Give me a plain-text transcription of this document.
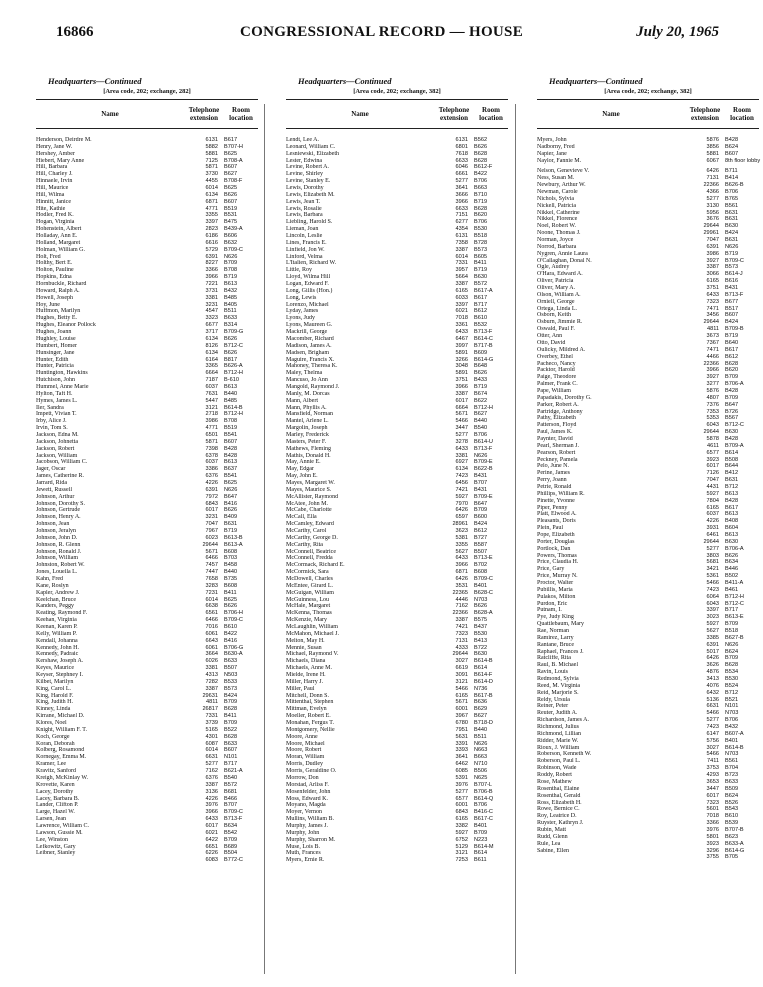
16866	CONGRESSIONAL RECORD — HOUSE	July 20, 1965
Headquarters—Continued
[Area code, 202; exchange, 282]
Name	Telephone extension
Room location
Henderson, Deirdre M.	6131	B617
Henry, Jane W.	5882	B707-H
Hershey, Amber	5881	B625
Hiebert, Mary Anne	7125	B708-A
Hill, Barbara	5871	B607
Hill, Charley J.	3730	B627
Hinnaele, Irvin	4455	B708-F
Hill, Maurice	6014	B625
Hill, Wilma	6134	B626
Hinnitt, Janice	6871	B607
Hite, Kathie	4771	B519
Hodler, Fred K.	3355	B531
Hogan, Virginia	3397	B475
Hohenstein, Albert	2823	B439-A
Holladay, Ann E.	6186	B606
Holland, Margaret	6616	B632
Holman, William G.	5729	B709-C
Holt, Fred	6391	N626
Holthy, Bert E.	8227	B709
Holton, Pauline	3366	B708
Hopkins, Edna	3966	B719
Hornbuckle, Richard	7221	B613
Howard, Ralph A.	3731	B432
Howell, Joseph	3381	B485
Hoy, June	3231	B405
Huffmon, Marilyn	4547	B511
Hughes, Betty E.	3323	B633
Hughes, Eleanor Pollock	6677	B314
Hughes, Joann	3717	B709-G
Hughley, Louise	6134	B626
Humbert, Homer	8126	B712-C
Hunsinger, Jane	6134	B626
Hunter, Edith	6164	B817
Hunter, Patricia	3365	B626-A
Huntington, Hawkins	6664	B712-H
Hutchison, John	7187	B-610
Hummel, Anne Marie	6037	B613
Hylton, Taft H.	7631	B440
Hymes, James L.	5447	B485
Iler, Sandra	3121	B614-B
Impett, Vivian T.	2718	B712-H
Irby, Alice J.	3986	B708
Irvin, Tom S.	4771	B519
Jackson, Edna M.	6501	B541
Jackson, Johnetta	5871	B607
Jackson, Robert	7398	B428
Jackson, William	6378	B428
Jacobson, William C.	6037	B613
Jager, Oscar	3386	B637
James, Catherine R.	6376	B541
Jarrard, Rida	4226	B625
Jewett, Russell	6391	N626
Johnson, Arthur	7972	B647
Johnson, Dorothy S.	6843	B416
Johnson, Gertrude	6017	B626
Johnson, Henry A.	3231	B409
Johnson, Jean	7047	B631
Johnson, Jeralyn	7967	B719
Johnson, John D.	6023	B613-B
Johnson, R. Glenn	29644	B613-A
Johnson, Ronald J.	5671	B608
Johnson, William	6466	B703
Johnston, Robert W.	7457	B458
Jones, Louella L.	7447	B440
Kahn, Fred	7658	B735
Kane, Roslyn	3283	B608
Kapler, Andrew J.	7231	B411
Keelchan, Bruce	6014	B625
Kanders, Peggy	6638	B626
Keating, Raymond F.	6561	B706-H
Keehan, Virginia	6466	B709-C
Keenan, Karen P.	7016	B610
Kelly, William P.	6061	B422
Kendall, Johanna	6643	B416
Kennedy, John H.	6061	B706-G
Kennedy, Padraic	3664	B630-A
Kershaw, Joseph A.	6026	B633
Keyes, Maurice	3381	B507
Keyser, Stephney I.	4313	N503
Kilbet, Marilyn	7282	B533
King, Carol L.	3387	B573
King, Harold F.	29631	B424
King, Judith H.	4811	B709
Kinney, Linda	26817	B628
Kirrane, Michael D.	7331	B411
Klores, Noel	3739	B709
Knight, William F. T.	5165	B522
Koch, George	4301	B628
Koran, Deborah	6087	B633
Kolberg, Rosamond	6014	B607
Kornegay, Emma M.	6631	N101
Kramer, Lee	5277	B717
Kravitz, Sanford	7162	B621-A
Kreigh, McKinlay W.	6376	B540
Krovette, Karen	3387	B572
Lacey, Dorothy	3136	B681
Lacey, Barbara B.	4226	B466
Lander, Clifton P.	3976	B707
Large, Hazel W.	3966	B709-C
Larsen, Jean	6433	B713-F
Lawrence, William C.	6017	B634
Lawson, Gussie M.	6021	B542
Lee, Winston	6422	B709
Lefkowitz, Gary	6651	B689
Leibner, Stanley	6226	B504
6083	B772-C
Headquarters—Continued
[Area code, 202; exchange, 382]
Name	Telephone extension
Room location
Lendt, Lee A.	6131	B562
Leonard, William C.	6801	B626
Lesniewski, Elizabeth	7618	B628
Lester, Edwina	6633	B628
Levine, Robert A.	6046	B612-F
Levine, Shirley	6661	B422
Levine, Stanley E.	5277	B706
Lewis, Dorothy	3641	B663
Lewis, Elizabeth M.	3666	B710
Lewis, Jean T.	3966	B719
Lewis, Rosalie	6633	B628
Lewis, Barbara	7151	B620
Liebling, Harold S.	6277	B706
Lieman, Joan	4354	B530
Lincoln, Leslie	6131	B518
Lines, Francis E.	7358	B728
Linfield, Jon W.	3387	B573
Linford, Velma	6014	B605
L'Italien, Richard W.	7331	B411
Little, Roy	3957	B719
Lloyd, Wilma Hill	5664	B630
Logan, Edward F.	3387	B572
Long, Gillis (Hon.)	6165	B617-A
Long, Lewis	6033	B617
Lorenzo, Michael	3397	B717
Lyday, James	6021	B612
Lyons, Judy	7018	B610
Lyons, Maureen G.	3361	B532
Mackrill, George	6433	B713-F
Macomber, Richard	6467	B614-C
Madison, James A.	3997	B717-B
Madsen, Brigham	5891	B609
Maguire, Francis X.	3266	B614-G
Mahoney, Theresa K.	3048	B648
Maley, Thelma	5891	B626
Mancuso, Jo Ann	3751	B433
Mangold, Raymond J.	3966	B719
Manly, M. Dorcas	3387	B674
Mann, Albert	6017	B622
Mann, Phyllis A.	6664	B712-H
Mansfield, Norman	5671	B627
Mantel, Arlene L.	5466	B440
Margolin, Joseph	3447	B540
Marley, Frederick	5277	B706
Masters, Peter F.	3278	B614-U
Mathews, Fleming	6433	B713-F
Mathis, Donald H.	3381	N626
May, Annie E.	6927	B709-E
May, Edgar	6134	B622-B
May, John E.	7423	B431
Mayes, Margaret W.	6456	B707
Mayes, Maurice S.	7421	B431
McAllister, Raymond	5927	B709-E
McAtee, John M.	7970	B647
McCabe, Charlotte	6426	B709
McCall, Ella	6597	B600
McCamley, Edward	28961	B424
McCarthy, Carol	3623	B612
McCarthy, George D.	5381	B727
McCarthy, Rita	3355	B587
McConnell, Beatrice	5627	B507
McConnell, Fredda	6433	B713-E
McCormack, Richard E.	3966	B702
McCormick, Sara	6871	B608
McDowell, Charles	6426	B709-C
McEntee, Girard L.	3531	B401
McGuigan, William	22365	B628-C
McGuinness, Lou	4446	N703
McHale, Margaret	7162	B626
McKenna, Thomas	22366	B628-A
McKenzie, Mary	3387	B575
McLaughlin, William	7421	B437
McMahon, Michael J.	7323	B530
Melton, May H.	7131	B413
Mennie, Susan	4333	B722
Michael, Raymond V.	29644	B630
Michaels, Diana	3027	B614-B
Michaels, Anne M.	6619	B614
Mielde, Irene H.	3091	B614-F
Miller, Harry J.	3121	B614-D
Miller, Paul	5466	N736
Mitchell, Donn S.	6165	B617-B
Mittenthal, Stephen	5671	B636
Mittman, Evelyn	6001	B629
Moeller, Robert E.	3967	B627
Monahan, Fergus T.	6780	B718-D
Montgomery, Nellie	7951	B440
Moore, Anne	5631	B511
Moore, Michael	3391	N626
Moore, Robert	3393	N663
Moran, William	3641	B663
Morris, Dudley	6462	N710
Morris, Geraldine O.	6085	B506
Morrow, Don	5391	N625
Morstad, Arliss F.	3976	B707-L
Mosenfelder, John	5277	B706-B
Moss, Edward K.	6577	B614-Q
Moyano, Magda	6001	B706
Moyer, Vernon	6843	B416-C
Mullins, William B.	6165	B617-C
Murphy, James J.	3382	B401
Murphy, John	5927	B709
Murphy, Sharron M.	6752	N223
Muse, Lois B.	5129	B614-M
Muth, Frances	3121	B614
Myers, Ernie R.	7253	B611
Headquarters—Continued
[Area code, 202; exchange, 382]
Name	Telephone extension
Room location
Myers, John	5876	B428
Nadborny, Fred	3856	B624
Napier, Jane	5881	B607
Naylor, Fannie M.	6067	8th floor lobby
Nelson, Genevieve V.	6426	B711
Ness, Susan M.	7131	B414
Newbury, Arthur W.	22366	B626-B
Newman, Carole	4366	B706
Nichols, Sylvia	5277	B765
Nickell, Patricia	3130	B561
Nikkel, Catherine	5956	B631
Nikkel, Florence	3676	B631
Noel, Robert W.	29644	B630
Noone, Thomas J.	29961	B424
Norman, Joyce	7047	B631
Norrod, Barbara	6391	N626
Nygren, Annie Laura	3986	B719
O'Callaghan, Donal N.	3927	B709-C
Ogle, Audrey	3387	B573
O'Hara, Edward A.	3066	B614-J
Oliver, Patricia	6165	B616
Oliver, Mary A.	3751	B431
Olson, William A.	6433	B713-F
Orniell, George	7323	B677
Ortega, Linda L.	7471	B517
Osborn, Keith	3456	B607
Osburn, Jimmie R.	29644	B424
Oswald, Paul F.	4811	B709-B
Otter, Ann	3673	B719
Otto, David	7367	B640
Oulicky, Mildred A.	7471	B617
Overbey, Ethel	4466	B612
Pacheco, Nancy	22366	B628
Packtor, Harold	3966	B620
Paige, Theodore	3927	B709
Palmer, Frank C.	3277	B706-A
Pape, William	5876	B428
Papadakis, Dorothy G.	4807	B709
Parker, Robert A.	7376	B647
Partridge, Anthony	7353	B726
Pathy, Elizabeth	5353	B567
Patterson, Floyd	6043	B712-C
Paul, James K.	29644	B630
Paynter, David	5878	B428
Pearl, Sherman J.	4611	B709-A
Pearson, Robert	6577	B614
Peckney, Pamela	3923	B508
Pelo, June N.	6017	B644
Perine, James	7126	B412
Perry, Joann	7047	B631
Petrie, Ronald	4431	B712
Phillips, William R.	5927	B613
Pinette, Yvonne	7804	B428
Piper, Penny	6165	B617
Platt, Elwood A.	6037	B613
Pleasants, Doris	4226	B408
Plein, Paul	3931	B604
Pope, Elizabeth	6461	B613
Porter, Douglas	29644	B630
Portlock, Dan	5277	B706-A
Powers, Thomas	3803	B626
Price, Claudia H.	5681	B634
Price, Gary	3421	B446
Price, Murray N.	5361	B502
Proctor, Walter	5466	B411-A
Pubillis, Maria	7423	B461
Pulakos, Milton	6064	B712-H
Purdon, Eric	6043	B712-C
Putnam, I.	3397	B717
Pye, Judy King	3023	B613-E
Quattlebaum, Mary	5927	B709
Rae, Norman	5627	B518
Ramirez, Larry	3385	B627-B
Rantane, Bruce	6391	N626
Raphael, Frances J.	5017	B624
Ratcliffe, Rita	6426	B709
Raul, B. Michael	3626	B628
Ravin, Louis	4876	B534
Redmond, Sylvia	3413	B530
Reed, M. Virginia	4076	B524
Reid, Marjorie S.	6432	B712
Reldy, Ursula	5136	B521
Reiner, Peter	6631	N101
Reuter, Judith A.	5466	N703
Richardson, James A.	5277	B706
Richmond, Julius	7423	B432
Richmond, Lillian	6147	B607-A
Ridder, Marie W.	5756	B401
Rioux, J. William	3027	B614-B
Roberson, Kenneth W.	5466	N703
Roberson, Paul L.	7411	B561
Robinson, Wade	3753	B704
Roddy, Robert	4293	B723
Rose, Mathew	3653	B633
Rosenthal, Elaine	3447	B509
Rosenthal, Gerald	6017	B624
Ross, Elizabeth H.	7323	B526
Rowe, Bernice C.	5601	B543
Roy, Leatrice D.	7018	B610
Ruyster, Kathryn J.	3366	B539
Rubin, Matt	3976	B707-B
Rudd, Glenn	5801	B623
Rule, Lea	3923	B633-A
Sabine, Ellen	3296	B614-G
3755	B705
